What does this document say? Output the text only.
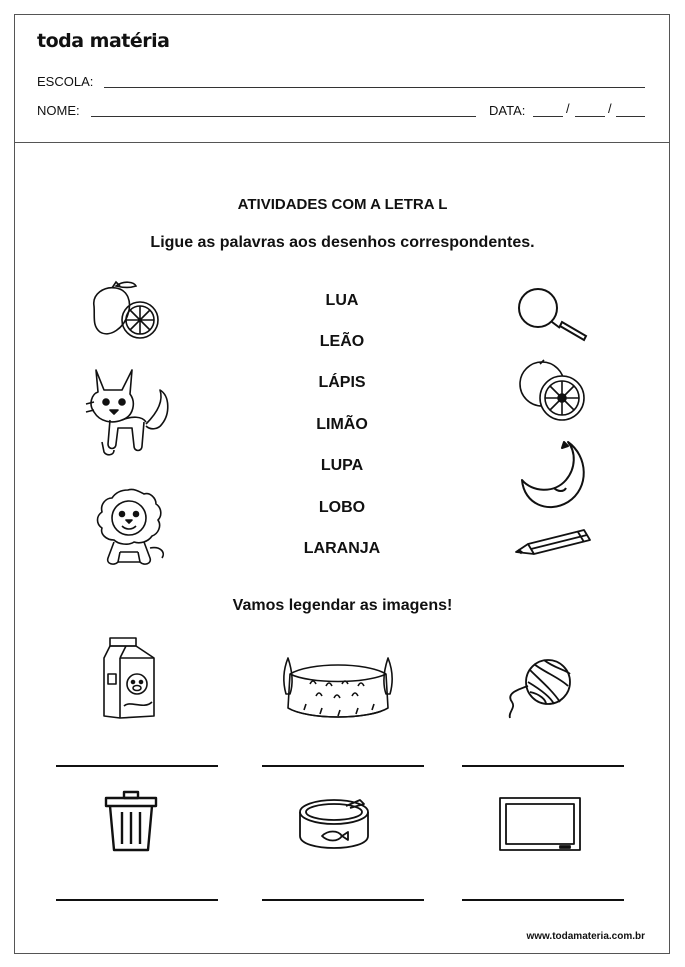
toda matéria
ESCOLA:
NOME:	DATA:	/	/
ATIVIDADES COM A LETRA L
Ligue as palavras aos desenhos correspondentes.
LUA
LEÃO
LÁPIS
LIMÃO
LUPA
LOBO
LARANJA
Vamos legendar as imagens!
www.todamateria.com.br
